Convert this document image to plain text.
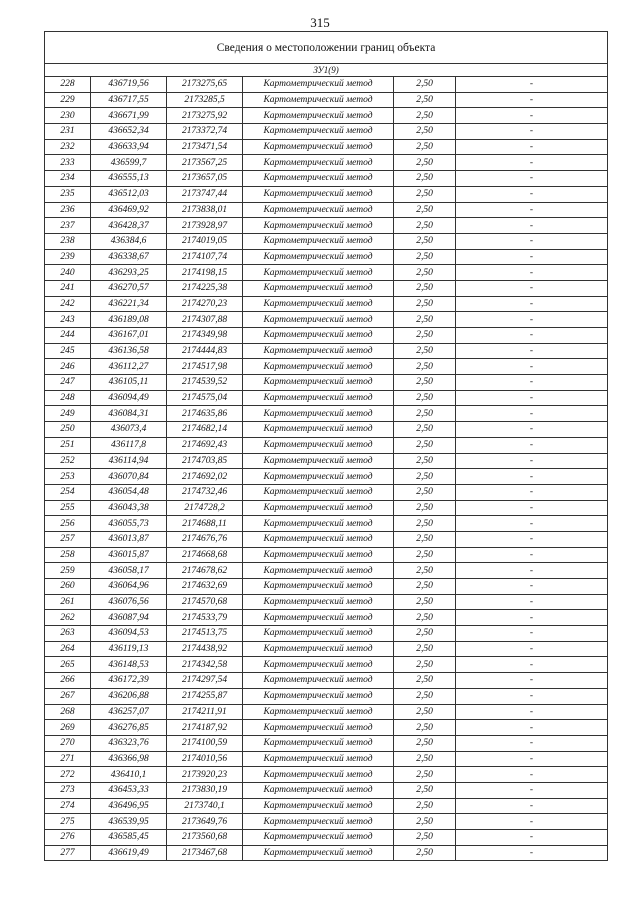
315
Сведения о местоположении границ объекта					
ЗУ1(9)					
228	436719,56	2173275,65	Картометрический метод	2,50	-
229	436717,55	2173285,5	Картометрический метод	2,50	-
230	436671,99	2173275,92	Картометрический метод	2,50	-
231	436652,34	2173372,74	Картометрический метод	2,50	-
232	436633,94	2173471,54	Картометрический метод	2,50	-
233	436599,7	2173567,25	Картометрический метод	2,50	-
234	436555,13	2173657,05	Картометрический метод	2,50	-
235	436512,03	2173747,44	Картометрический метод	2,50	-
236	436469,92	2173838,01	Картометрический метод	2,50	-
237	436428,37	2173928,97	Картометрический метод	2,50	-
238	436384,6	2174019,05	Картометрический метод	2,50	-
239	436338,67	2174107,74	Картометрический метод	2,50	-
240	436293,25	2174198,15	Картометрический метод	2,50	-
241	436270,57	2174225,38	Картометрический метод	2,50	-
242	436221,34	2174270,23	Картометрический метод	2,50	-
243	436189,08	2174307,88	Картометрический метод	2,50	-
244	436167,01	2174349,98	Картометрический метод	2,50	-
245	436136,58	2174444,83	Картометрический метод	2,50	-
246	436112,27	2174517,98	Картометрический метод	2,50	-
247	436105,11	2174539,52	Картометрический метод	2,50	-
248	436094,49	2174575,04	Картометрический метод	2,50	-
249	436084,31	2174635,86	Картометрический метод	2,50	-
250	436073,4	2174682,14	Картометрический метод	2,50	-
251	436117,8	2174692,43	Картометрический метод	2,50	-
252	436114,94	2174703,85	Картометрический метод	2,50	-
253	436070,84	2174692,02	Картометрический метод	2,50	-
254	436054,48	2174732,46	Картометрический метод	2,50	-
255	436043,38	2174728,2	Картометрический метод	2,50	-
256	436055,73	2174688,11	Картометрический метод	2,50	-
257	436013,87	2174676,76	Картометрический метод	2,50	-
258	436015,87	2174668,68	Картометрический метод	2,50	-
259	436058,17	2174678,62	Картометрический метод	2,50	-
260	436064,96	2174632,69	Картометрический метод	2,50	-
261	436076,56	2174570,68	Картометрический метод	2,50	-
262	436087,94	2174533,79	Картометрический метод	2,50	-
263	436094,53	2174513,75	Картометрический метод	2,50	-
264	436119,13	2174438,92	Картометрический метод	2,50	-
265	436148,53	2174342,58	Картометрический метод	2,50	-
266	436172,39	2174297,54	Картометрический метод	2,50	-
267	436206,88	2174255,87	Картометрический метод	2,50	-
268	436257,07	2174211,91	Картометрический метод	2,50	-
269	436276,85	2174187,92	Картометрический метод	2,50	-
270	436323,76	2174100,59	Картометрический метод	2,50	-
271	436366,98	2174010,56	Картометрический метод	2,50	-
272	436410,1	2173920,23	Картометрический метод	2,50	-
273	436453,33	2173830,19	Картометрический метод	2,50	-
274	436496,95	2173740,1	Картометрический метод	2,50	-
275	436539,95	2173649,76	Картометрический метод	2,50	-
276	436585,45	2173560,68	Картометрический метод	2,50	-
277	436619,49	2173467,68	Картометрический метод	2,50	-
